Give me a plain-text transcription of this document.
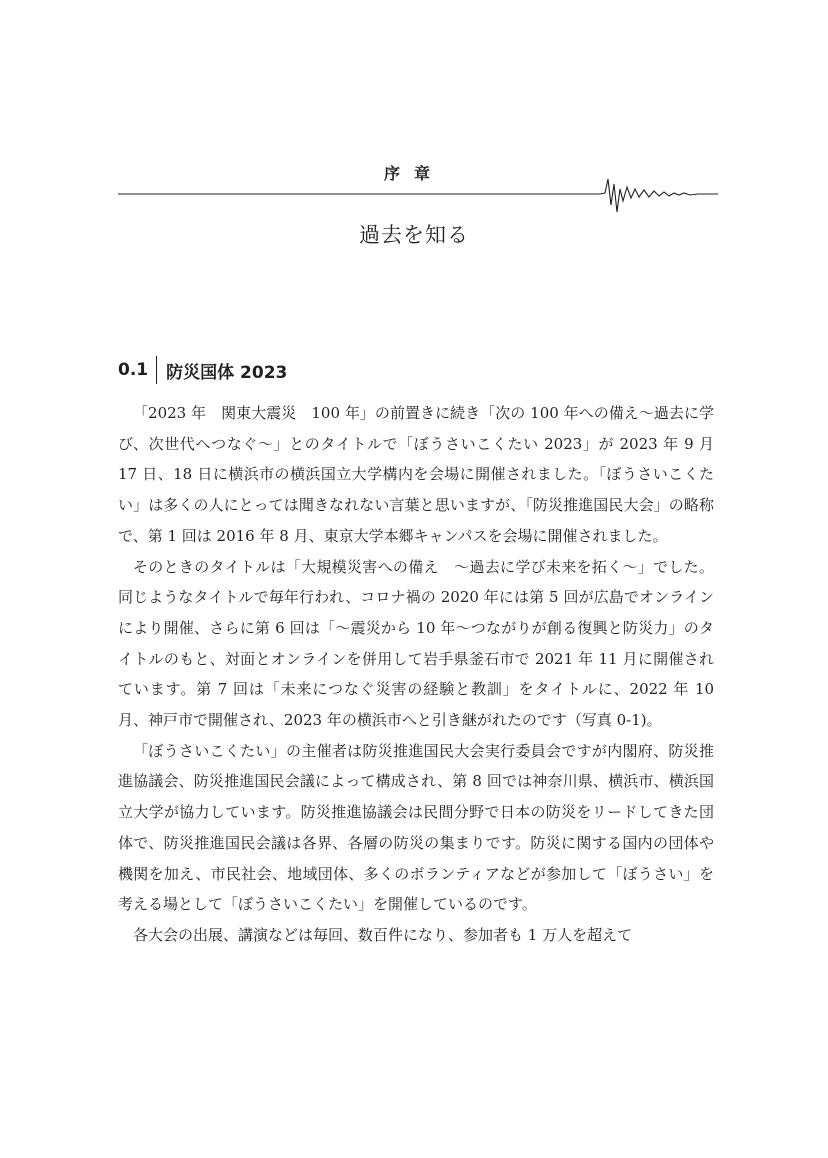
序章
過去を知る
0.1	防災国体 2023

「2023 年　関東大震災　100 年」の前置きに続き「次の 100 年への備え～過去に学び、次世代へつなぐ～」とのタイトルで「ぼうさいこくたい 2023」が 2023 年 9 月 17 日、18 日に横浜市の横浜国立大学構内を会場に開催されました。「ぼうさいこくたい」は多くの人にとっては聞きなれない言葉と思いますが、「防災推進国民大会」の略称で、第 1 回は 2016 年 8 月、東京大学本郷キャンパスを会場に開催されました。

そのときのタイトルは「大規模災害への備え　～過去に学び未来を拓く～」でした。同じようなタイトルで毎年行われ、コロナ禍の 2020 年には第 5 回が広島でオンラインにより開催、さらに第 6 回は「～震災から 10 年～つながりが創る復興と防災力」のタイトルのもと、対面とオンラインを併用して岩手県釜石市で 2021 年 11 月に開催されています。第 7 回は「未来につなぐ災害の経験と教訓」をタイトルに、2022 年 10 月、神戸市で開催され、2023 年の横浜市へと引き継がれたのです（写真 0-1)。

「ぼうさいこくたい」の主催者は防災推進国民大会実行委員会ですが内閣府、防災推進協議会、防災推進国民会議によって構成され、第 8 回では神奈川県、横浜市、横浜国立大学が協力しています。防災推進協議会は民間分野で日本の防災をリードしてきた団体で、防災推進国民会議は各界、各層の防災の集まりです。防災に関する国内の団体や機関を加え、市民社会、地域団体、多くのボランティアなどが参加して「ぼうさい」を考える場として「ぼうさいこくたい」を開催しているのです。

各大会の出展、講演などは毎回、数百件になり、参加者も 1 万人を超えて
